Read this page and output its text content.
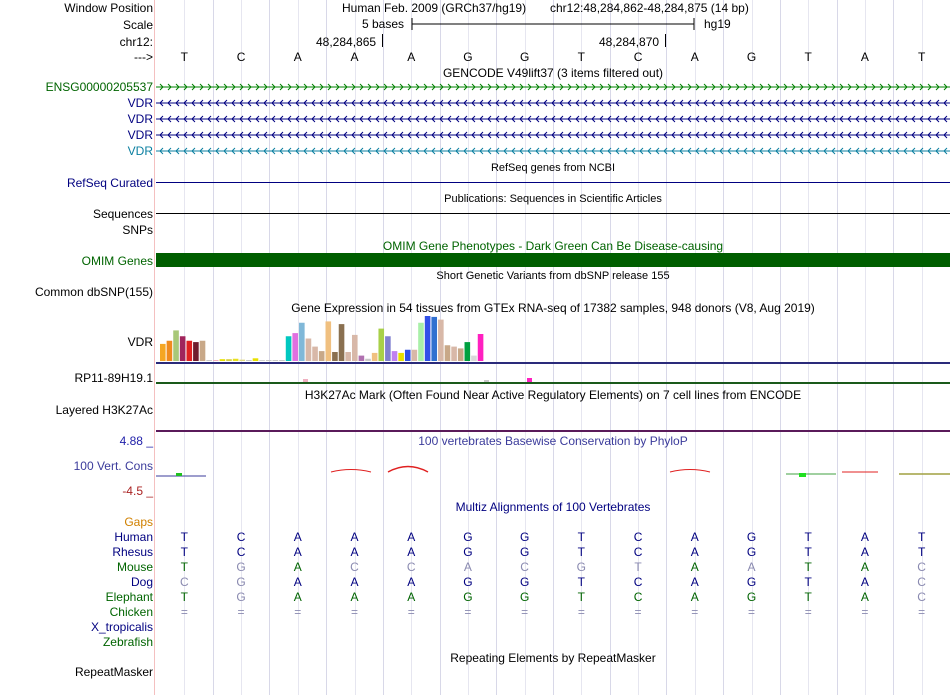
Window Position	Human Feb. 2009 (GRCh37/hg19) chr12:48,284,862-48,284,875 (14 bp)
Scale	5 bases	hg19
chr12:	48,284,865	48,284,870
--->	T	C	A	A	A	G	G	T	C	A	G	T	A	T
GENCODE V49lift37 (3 items filtered out)
ENSG00000205537
VDR
VDR
VDR
VDR
RefSeq genes from NCBI
RefSeq Curated
Publications: Sequences in Scientific Articles
Sequences
SNPs
OMIM Gene Phenotypes - Dark Green Can Be Disease-causing
OMIM Genes
Short Genetic Variants from dbSNP release 155
Common dbSNP(155)
Gene Expression in 54 tissues from GTEx RNA-seq of 17382 samples, 948 donors (V8, Aug 2019)
VDR
RP11-89H19.1
H3K27Ac Mark (Often Found Near Active Regulatory Elements) on 7 cell lines from ENCODE
Layered H3K27Ac
100 vertebrates Basewise Conservation by PhyloP
4.88 _
100 Vert. Cons
-4.5 _
Multiz Alignments of 100 Vertebrates
Gaps
Human	T	C	A	A	A	G	G	T	C	A	G	T	A	T
Rhesus	T	C	A	A	A	G	G	T	C	A	G	T	A	T
Mouse	T	G	A	C	C	A	C	G	T	A	A	T	A	C
Dog	C	G	A	A	A	G	G	T	C	A	G	T	A	C
Elephant	T	G	A	A	A	G	G	T	C	A	G	T	A	C
Chicken	=	=	=	=	=	=	=	=	=	=	=	=	=	=
X_tropicalis
Zebrafish
Repeating Elements by RepeatMasker
RepeatMasker
